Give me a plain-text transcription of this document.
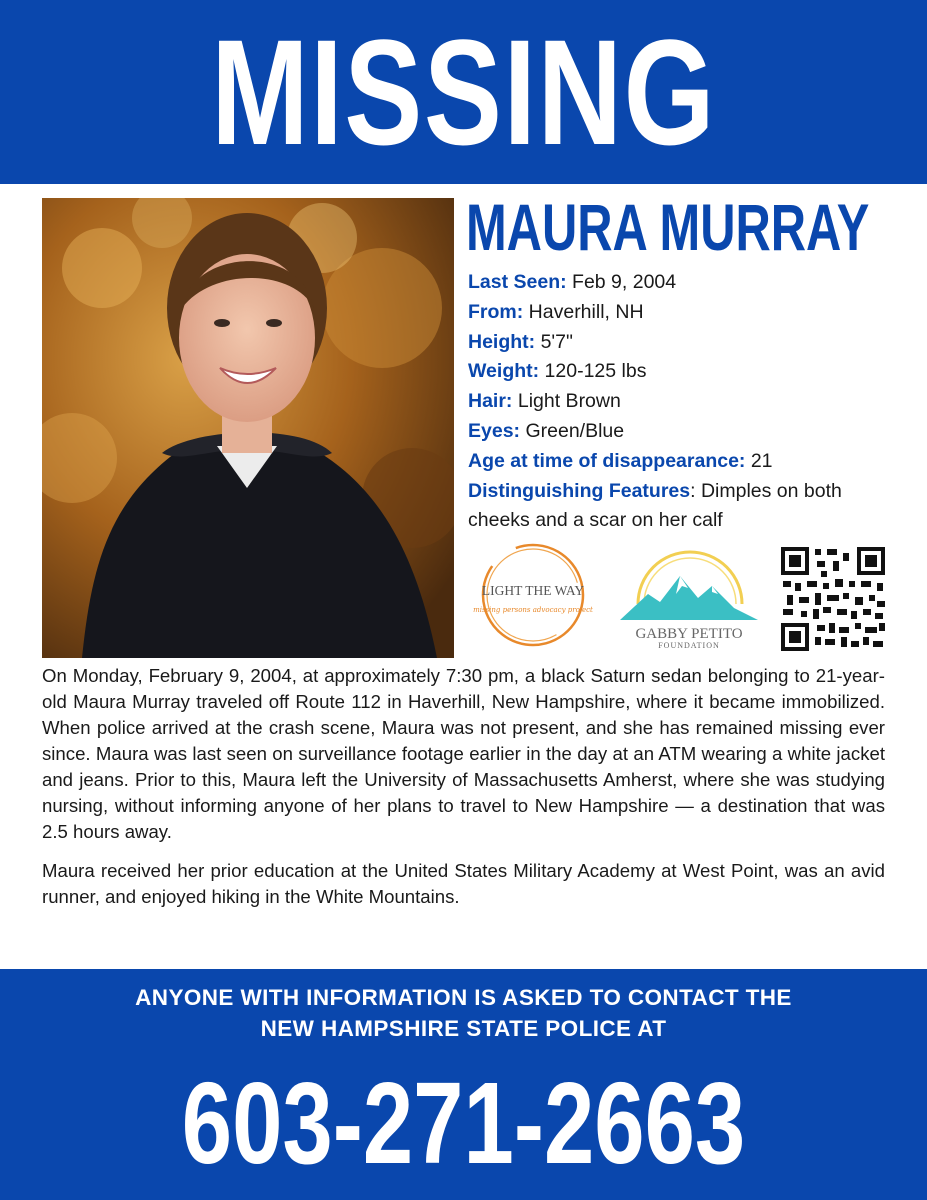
MISSING
MAURA MURRAY
Last Seen: Feb 9, 2004
From: Haverhill, NH
Height: 5'7"
Weight: 120-125 lbs
Hair: Light Brown
Eyes: Green/Blue
Age at time of disappearance: 21
Distinguishing Features: Dimples on both cheeks and a scar on her calf
LIGHT THE WAY
missing persons advocacy project
GABBY PETITO
FOUNDATION

On Monday, February 9, 2004, at approximately 7:30 pm, a black Saturn sedan belonging to 21-year-old Maura Murray traveled off Route 112 in Haverhill, New Hampshire, where it became immobilized. When police arrived at the crash scene, Maura was not present, and she has remained missing ever since. Maura was last seen on surveillance footage earlier in the day at an ATM wearing a white jacket and jeans. Prior to this, Maura left the University of Massachusetts Amherst, where she was studying nursing, without informing anyone of her plans to travel to New Hampshire — a destination that was 2.5 hours away.

Maura received her prior education at the United States Military Academy at West Point, was an avid runner, and enjoyed hiking in the White Mountains.

ANYONE WITH INFORMATION IS ASKED TO CONTACT THE
NEW HAMPSHIRE STATE POLICE AT
603-271-2663
